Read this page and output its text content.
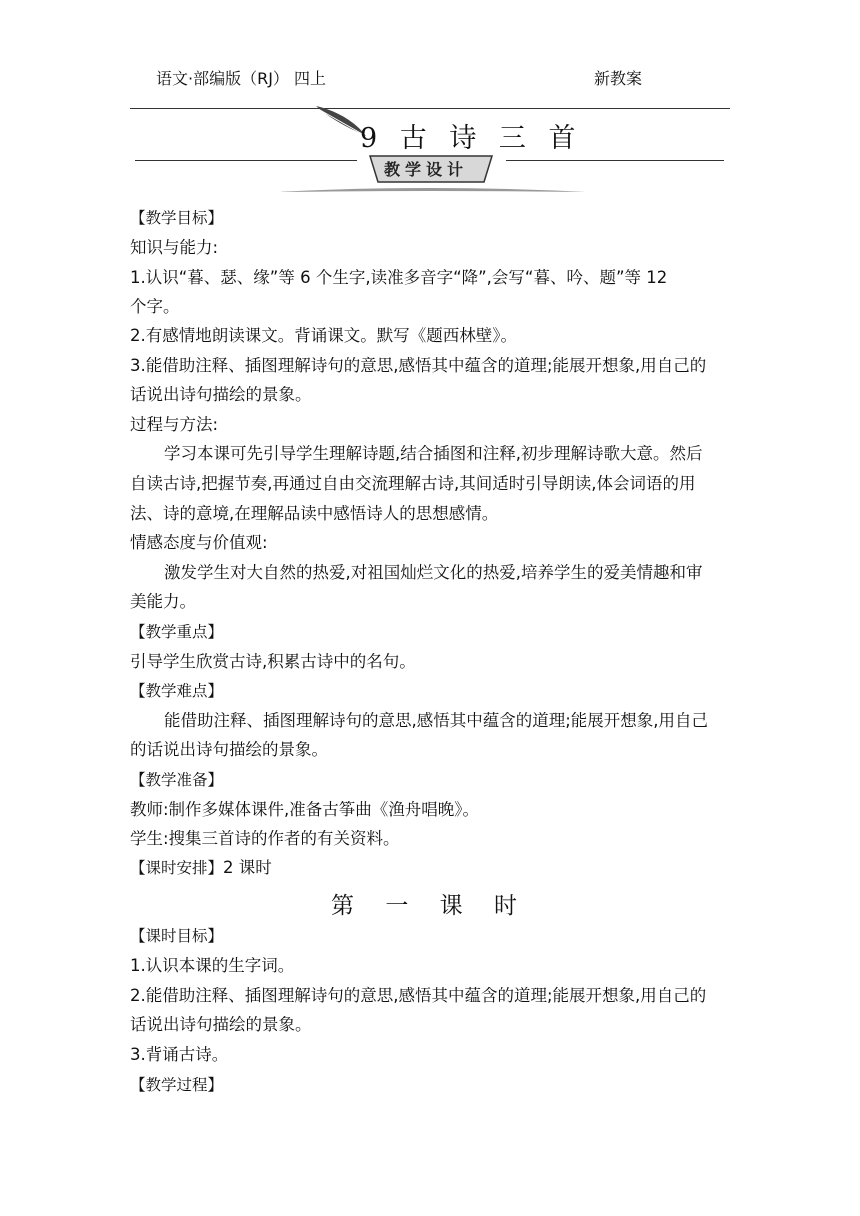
语文·部编版（RJ） 四上	新教案
9 古 诗 三 首
教学设计
【教学目标】
知识与能力:
1.认识“暮、瑟、缘”等 6 个生字,读准多音字“降”,会写“暮、吟、题”等 12
个字。
2.有感情地朗读课文。背诵课文。默写《题西林壁》。
3.能借助注释、插图理解诗句的意思,感悟其中蕴含的道理;能展开想象,用自己的
话说出诗句描绘的景象。
过程与方法:
学习本课可先引导学生理解诗题,结合插图和注释,初步理解诗歌大意。然后
自读古诗,把握节奏,再通过自由交流理解古诗,其间适时引导朗读,体会词语的用
法、诗的意境,在理解品读中感悟诗人的思想感情。
情感态度与价值观:
激发学生对大自然的热爱,对祖国灿烂文化的热爱,培养学生的爱美情趣和审
美能力。
【教学重点】
引导学生欣赏古诗,积累古诗中的名句。
【教学难点】
能借助注释、插图理解诗句的意思,感悟其中蕴含的道理;能展开想象,用自己
的话说出诗句描绘的景象。
【教学准备】
教师:制作多媒体课件,准备古筝曲《渔舟唱晚》。
学生:搜集三首诗的作者的有关资料。
【课时安排】2 课时
第 一 课 时
【课时目标】
1.认识本课的生字词。
2.能借助注释、插图理解诗句的意思,感悟其中蕴含的道理;能展开想象,用自己的
话说出诗句描绘的景象。
3.背诵古诗。
【教学过程】
